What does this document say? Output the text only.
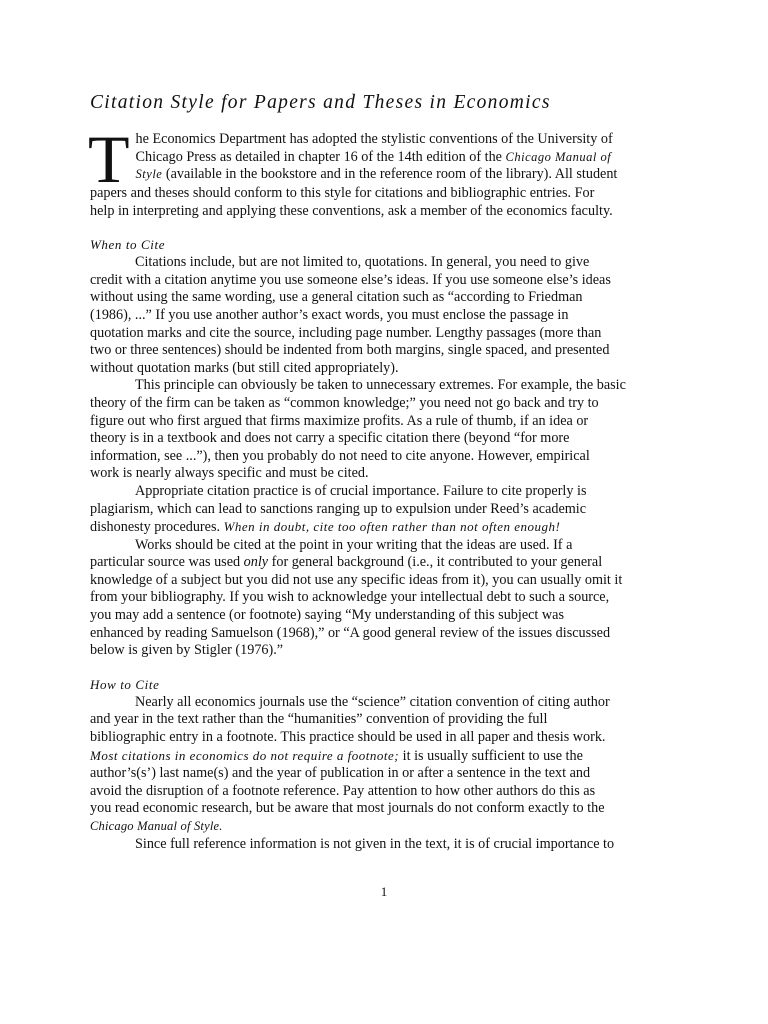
Citation Style for Papers and Theses in Economics
T he Economics Department has adopted the stylistic conventions of the University of
Chicago Press as detailed in chapter 16 of the 14th edition of the Chicago Manual of
Style (available in the bookstore and in the reference room of the library). All student
papers and theses should conform to this style for citations and bibliographic entries. For
help in interpreting and applying these conventions, ask a member of the economics faculty.
When to Cite
Citations include, but are not limited to, quotations. In general, you need to give
credit with a citation anytime you use someone else’s ideas. If you use someone else’s ideas
without using the same wording, use a general citation such as “according to Friedman
(1986), ...” If you use another author’s exact words, you must enclose the passage in
quotation marks and cite the source, including page number. Lengthy passages (more than
two or three sentences) should be indented from both margins, single spaced, and presented
without quotation marks (but still cited appropriately).
This principle can obviously be taken to unnecessary extremes. For example, the basic
theory of the firm can be taken as “common knowledge;” you need not go back and try to
figure out who first argued that firms maximize profits. As a rule of thumb, if an idea or
theory is in a textbook and does not carry a specific citation there (beyond “for more
information, see ...”), then you probably do not need to cite anyone. However, empirical
work is nearly always specific and must be cited.
Appropriate citation practice is of crucial importance. Failure to cite properly is
plagiarism, which can lead to sanctions ranging up to expulsion under Reed’s academic
dishonesty procedures. When in doubt, cite too often rather than not often enough!
Works should be cited at the point in your writing that the ideas are used. If a
particular source was used only for general background (i.e., it contributed to your general
knowledge of a subject but you did not use any specific ideas from it), you can usually omit it
from your bibliography. If you wish to acknowledge your intellectual debt to such a source,
you may add a sentence (or footnote) saying “My understanding of this subject was
enhanced by reading Samuelson (1968),” or “A good general review of the issues discussed
below is given by Stigler (1976).”
How to Cite
Nearly all economics journals use the “science” citation convention of citing author
and year in the text rather than the “humanities” convention of providing the full
bibliographic entry in a footnote. This practice should be used in all paper and thesis work.
Most citations in economics do not require a footnote; it is usually sufficient to use the
author’s(s’) last name(s) and the year of publication in or after a sentence in the text and
avoid the disruption of a footnote reference. Pay attention to how other authors do this as
you read economic research, but be aware that most journals do not conform exactly to the
Chicago Manual of Style.
Since full reference information is not given in the text, it is of crucial importance to
1
